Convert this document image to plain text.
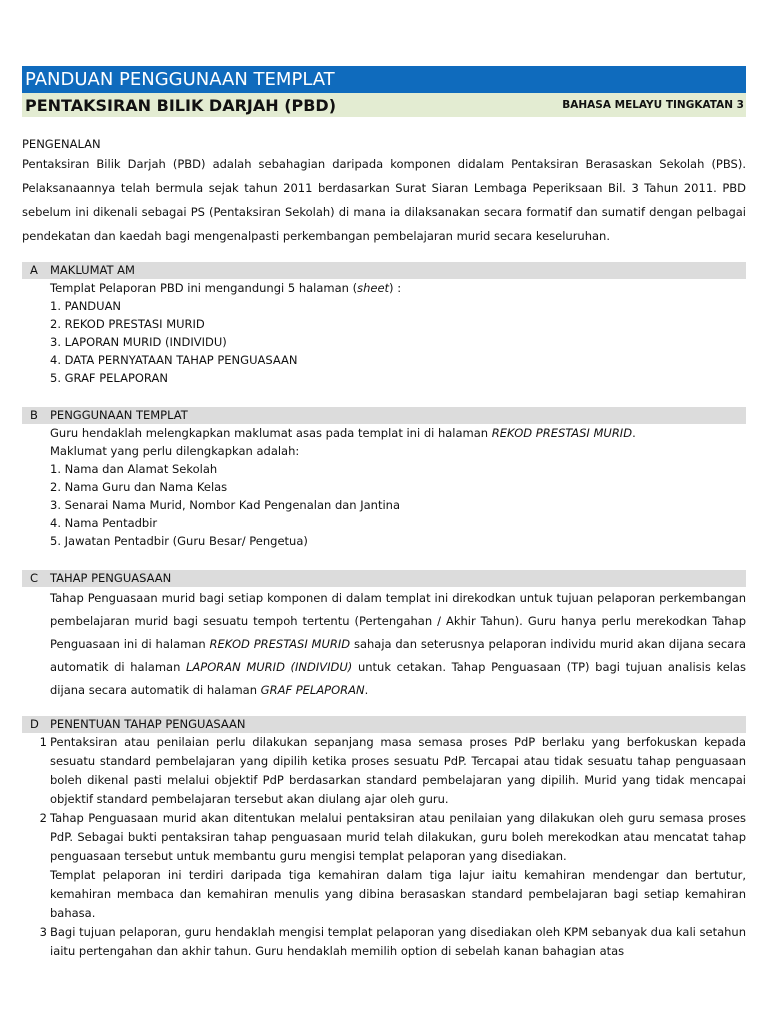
PANDUAN PENGGUNAAN TEMPLAT
PENTAKSIRAN BILIK DARJAH (PBD)	BAHASA MELAYU TINGKATAN 3
PENGENALAN
Pentaksiran Bilik Darjah (PBD) adalah sebahagian daripada komponen didalam Pentaksiran Berasaskan Sekolah (PBS). Pelaksanaannya telah bermula sejak tahun 2011 berdasarkan Surat Siaran Lembaga Peperiksaan Bil. 3 Tahun 2011. PBD sebelum ini dikenali sebagai PS (Pentaksiran Sekolah) di mana ia dilaksanakan secara formatif dan sumatif dengan pelbagai pendekatan dan kaedah bagi mengenalpasti perkembangan pembelajaran murid secara keseluruhan.
A	MAKLUMAT AM
Templat Pelaporan PBD ini mengandungi 5 halaman (sheet) :
1. PANDUAN
2. REKOD PRESTASI MURID
3. LAPORAN MURID (INDIVIDU)
4. DATA PERNYATAAN TAHAP PENGUASAAN
5. GRAF PELAPORAN
B	PENGGUNAAN TEMPLAT
Guru hendaklah melengkapkan maklumat asas pada templat ini di halaman REKOD PRESTASI MURID.
Maklumat yang perlu dilengkapkan adalah:
1. Nama dan Alamat Sekolah
2. Nama Guru dan Nama Kelas
3. Senarai Nama Murid, Nombor Kad Pengenalan dan Jantina
4. Nama Pentadbir
5. Jawatan Pentadbir (Guru Besar/ Pengetua)
C	TAHAP PENGUASAAN
Tahap Penguasaan murid bagi setiap komponen di dalam templat ini direkodkan untuk tujuan pelaporan perkembangan pembelajaran murid bagi sesuatu tempoh tertentu (Pertengahan / Akhir Tahun). Guru hanya perlu merekodkan Tahap Penguasaan ini di halaman REKOD PRESTASI MURID sahaja dan seterusnya pelaporan individu murid akan dijana secara automatik di halaman LAPORAN MURID (INDIVIDU) untuk cetakan. Tahap Penguasaan (TP) bagi tujuan analisis kelas dijana secara automatik di halaman GRAF PELAPORAN.
D PENENTUAN TAHAP PENGUASAAN
1 Pentaksiran atau penilaian perlu dilakukan sepanjang masa semasa proses PdP berlaku yang berfokuskan kepada sesuatu standard pembelajaran yang dipilih ketika proses sesuatu PdP. Tercapai atau tidak sesuatu tahap penguasaan boleh dikenal pasti melalui objektif PdP berdasarkan standard pembelajaran yang dipilih. Murid yang tidak mencapai objektif standard pembelajaran tersebut akan diulang ajar oleh guru.
2 Tahap Penguasaan murid akan ditentukan melalui pentaksiran atau penilaian yang dilakukan oleh guru semasa proses PdP. Sebagai bukti pentaksiran tahap penguasaan murid telah dilakukan, guru boleh merekodkan atau mencatat tahap penguasaan tersebut untuk membantu guru mengisi templat pelaporan yang disediakan.
Templat pelaporan ini terdiri daripada tiga kemahiran dalam tiga lajur iaitu kemahiran mendengar dan bertutur, kemahiran membaca dan kemahiran menulis yang dibina berasaskan standard pembelajaran bagi setiap kemahiran bahasa.
3 Bagi tujuan pelaporan, guru hendaklah mengisi templat pelaporan yang disediakan oleh KPM sebanyak dua kali setahun iaitu pertengahan dan akhir tahun. Guru hendaklah memilih option di sebelah kanan bahagian atas
